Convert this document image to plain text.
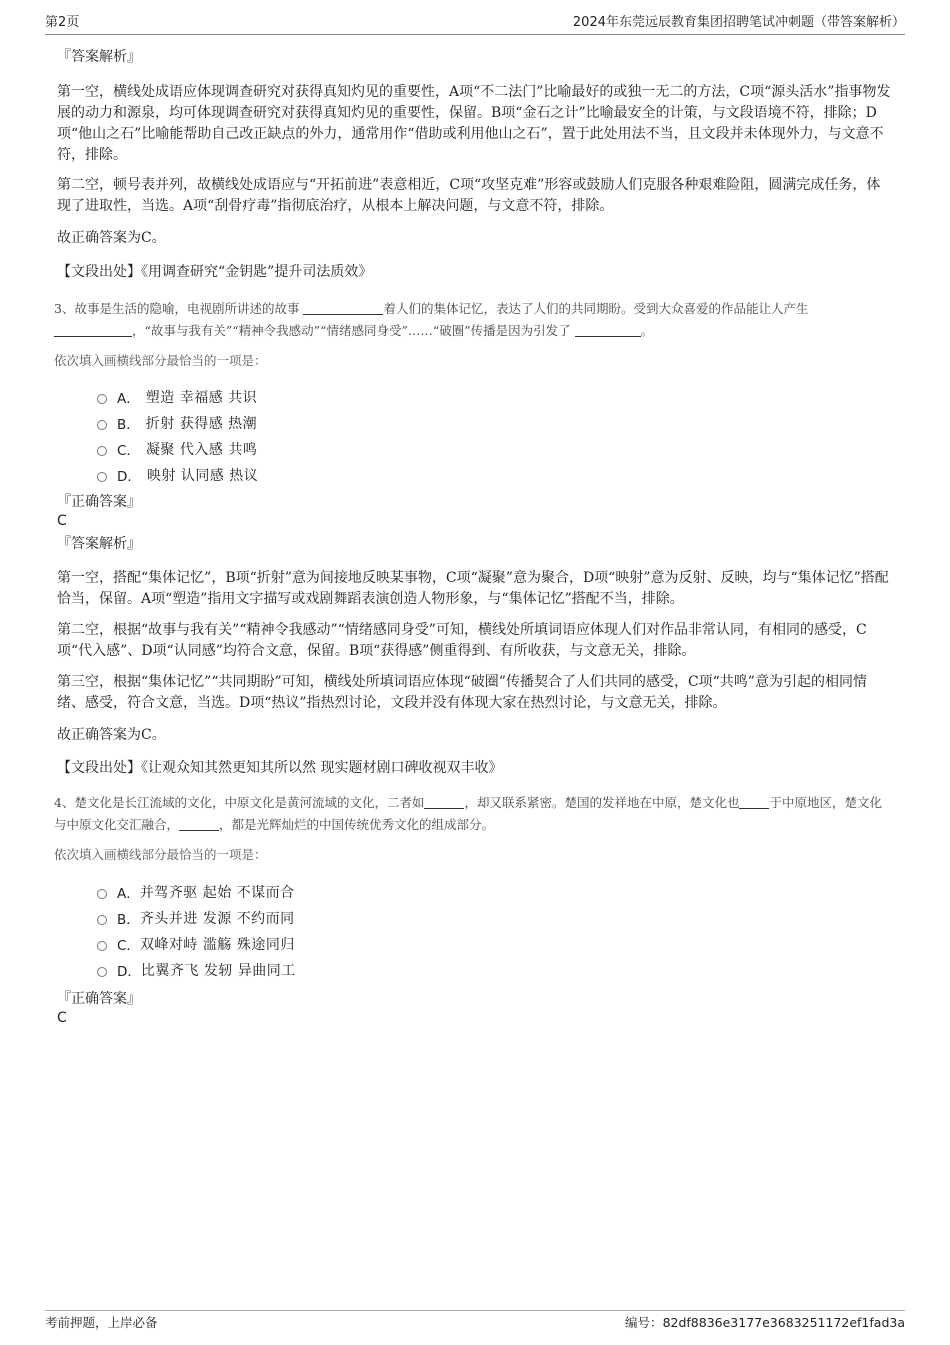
第2页	2024年东莞远辰教育集团招聘笔试冲刺题（带答案解析）

『答案解析』

第一空，横线处成语应体现调查研究对获得真知灼见的重要性，A项“不二法门”比喻最好的或独一无二的方法，C项“源头活水”指事物发展的动力和源泉，均可体现调查研究对获得真知灼见的重要性，保留。B项“金石之计”比喻最安全的计策，与文段语境不符，排除；D项“他山之石”比喻能帮助自己改正缺点的外力，通常用作“借助或利用他山之石”，置于此处用法不当，且文段并未体现外力，与文意不符，排除。

第二空，顿号表并列，故横线处成语应与“开拓前进”表意相近，C项“攻坚克难”形容或鼓励人们克服各种艰难险阻，圆满完成任务，体现了进取性，当选。A项“刮骨疗毒”指彻底治疗，从根本上解决问题，与文意不符，排除。

故正确答案为C。

【文段出处】《用调查研究“金钥匙”提升司法质效》

3、故事是生活的隐喻，电视剧所讲述的故事	着人们的集体记忆，表达了人们的共同期盼。受到大众喜爱的作品能让人产生
，“故事与我有关”“精神令我感动”“情绪感同身受”……“破圈”传播是因为引发了	。

依次填入画横线部分最恰当的一项是：

A． 塑造 幸福感 共识
B． 折射 获得感 热潮
C． 凝聚 代入感 共鸣
D． 映射 认同感 热议

『正确答案』

C

『答案解析』

第一空，搭配“集体记忆”，B项“折射”意为间接地反映某事物，C项“凝聚”意为聚合，D项“映射”意为反射、反映，均与“集体记忆”搭配恰当，保留。A项“塑造”指用文字描写或戏剧舞蹈表演创造人物形象，与“集体记忆”搭配不当，排除。

第二空，根据“故事与我有关”“精神令我感动”“情绪感同身受”可知，横线处所填词语应体现人们对作品非常认同，有相同的感受，C项“代入感”、D项“认同感”均符合文意，保留。B项“获得感”侧重得到、有所收获，与文意无关，排除。

第三空，根据“集体记忆”“共同期盼”可知，横线处所填词语应体现“破圈”传播契合了人们共同的感受，C项“共鸣”意为引起的相同情绪、感受，符合文意，当选。D项“热议”指热烈讨论，文段并没有体现大家在热烈讨论，与文意无关，排除。

故正确答案为C。

【文段出处】《让观众知其然更知其所以然 现实题材剧口碑收视双丰收》

4、楚文化是长江流域的文化，中原文化是黄河流域的文化，二者如	，却又联系紧密。楚国的发祥地在中原，楚文化也 于中原地区，楚文化与中原文化交汇融合，	，都是光辉灿烂的中国传统优秀文化的组成部分。

依次填入画横线部分最恰当的一项是：

A． 并驾齐驱 起始 不谋而合
B． 齐头并进 发源 不约而同
C． 双峰对峙 滥觞 殊途同归
D． 比翼齐飞 发轫 异曲同工

『正确答案』

C

考前押题，上岸必备	编号：82df8836e3177e3683251172ef1fad3a
